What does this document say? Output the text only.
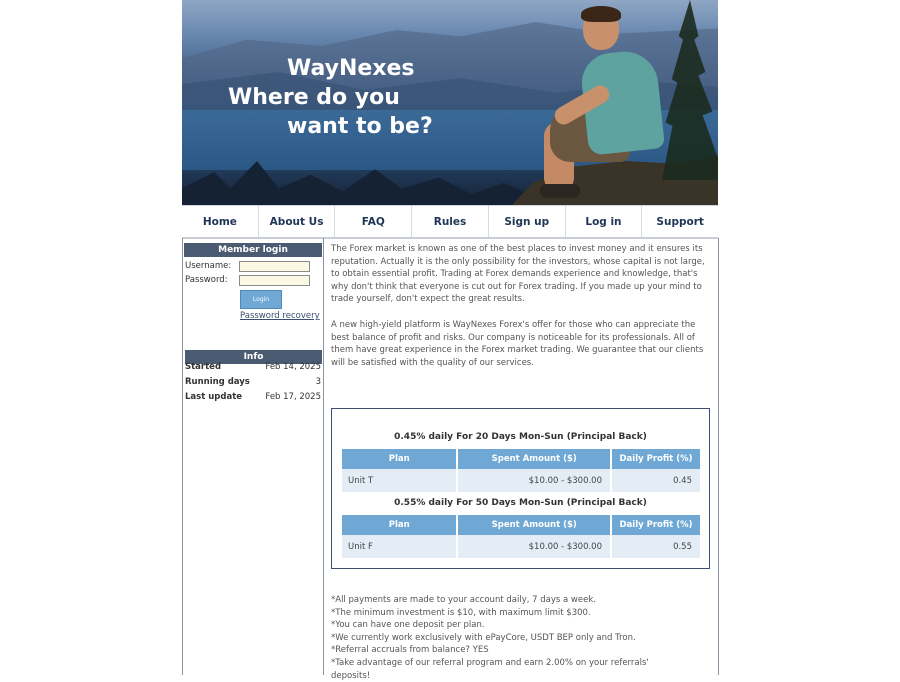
WayNexes
Where do you
want to be?
Home	About Us	FAQ	Rules	Sign up	Log in	Support
Member login
Username:
Password:
Login
Password recovery
Info
Started	Feb 14, 2025
Running days	3
Last update	Feb 17, 2025

The Forex market is known as one of the best places to invest money and it ensures its reputation. Actually it is the only possibility for the investors, whose capital is not large, to obtain essential profit. Trading at Forex demands experience and knowledge, that's why don't think that everyone is cut out for Forex trading. If you made up your mind to trade yourself, don't expect the great results.

A new high-yield platform is WayNexes Forex's offer for those who can appreciate the best balance of profit and risks. Our company is noticeable for its professionals. All of them have great experience in the Forex market trading. We guarantee that our clients will be satisfied with the quality of our services.

0.45% daily For 20 Days Mon-Sun (Principal Back)
Plan	Spent Amount ($)	Daily Profit (%)
Unit T	$10.00 - $300.00	0.45
0.55% daily For 50 Days Mon-Sun (Principal Back)
Plan	Spent Amount ($)	Daily Profit (%)
Unit F	$10.00 - $300.00	0.55
*All payments are made to your account daily, 7 days a week.
*The minimum investment is $10, with maximum limit $300.
*You can have one deposit per plan.
*We currently work exclusively with ePayCore, USDT BEP only and Tron.
*Referral accruals from balance? YES
*Take advantage of our referral program and earn 2.00% on your referrals'
deposits!
